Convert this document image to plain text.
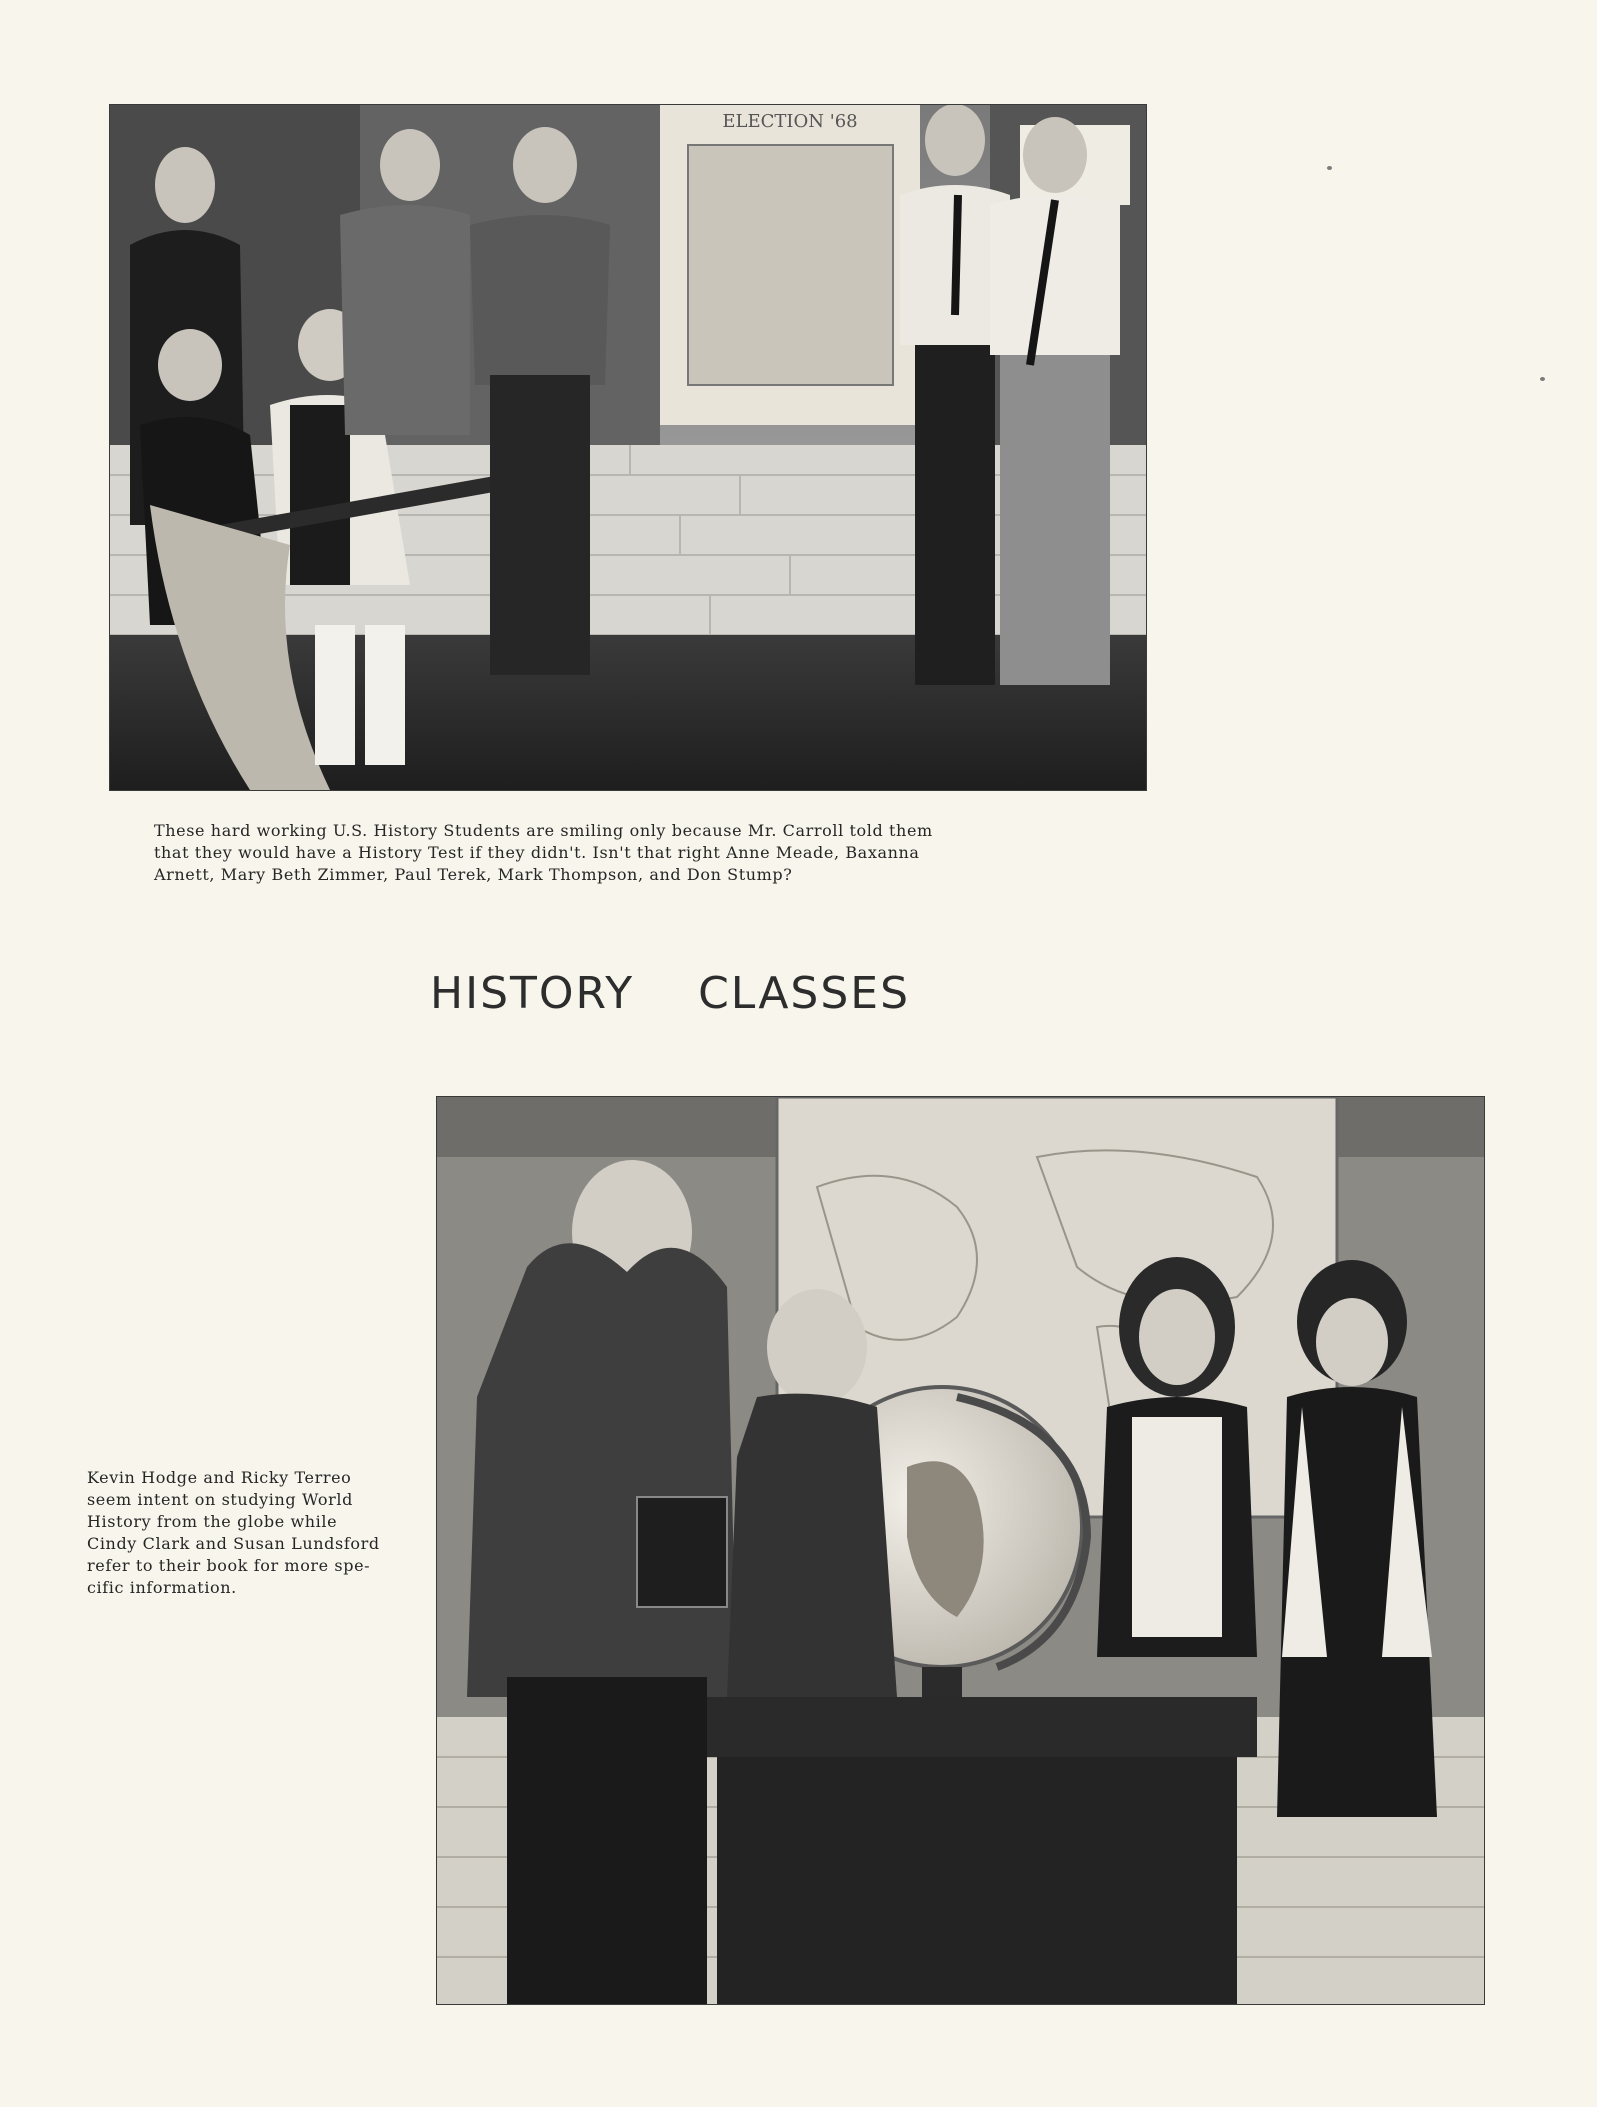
ELECTION '68
These hard working U.S. History Students are smiling only because Mr. Carroll told them
that they would have a History Test if they didn't. Isn't that right Anne Meade, Baxanna
Arnett, Mary Beth Zimmer, Paul Terek, Mark Thompson, and Don Stump?
HISTORY    CLASSES
Kevin Hodge and Ricky Terreo
seem intent on studying World
History from the globe while
Cindy Clark and Susan Lundsford
refer to their book for more spe-
cific information.
